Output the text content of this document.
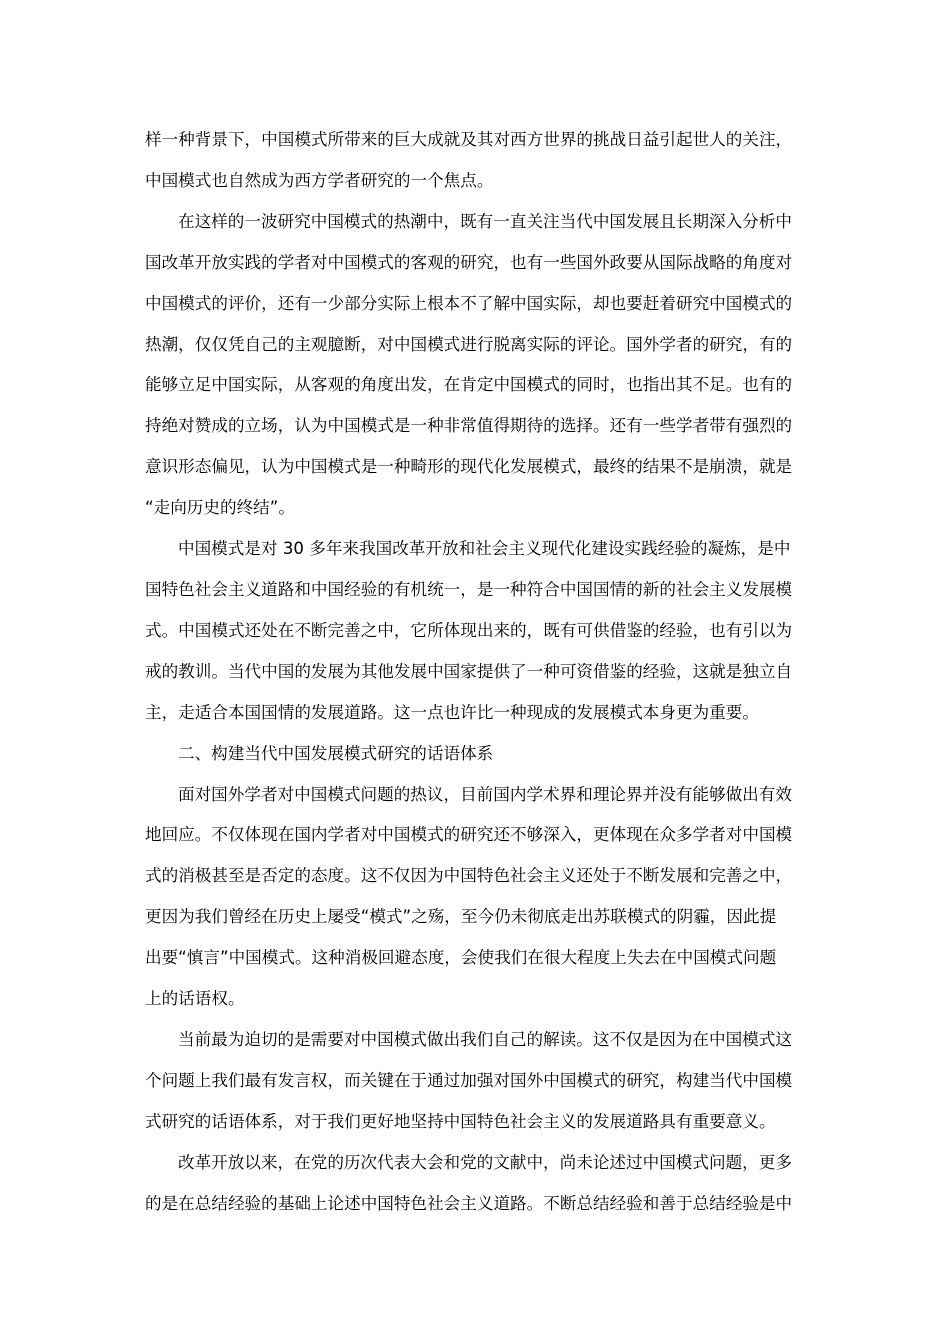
样一种背景下，中国模式所带来的巨大成就及其对西方世界的挑战日益引起世人的关注，
中国模式也自然成为西方学者研究的一个焦点。

在这样的一波研究中国模式的热潮中，既有一直关注当代中国发展且长期深入分析中
国改革开放实践的学者对中国模式的客观的研究，也有一些国外政要从国际战略的角度对
中国模式的评价，还有一少部分实际上根本不了解中国实际，却也要赶着研究中国模式的
热潮，仅仅凭自己的主观臆断，对中国模式进行脱离实际的评论。国外学者的研究，有的
能够立足中国实际，从客观的角度出发，在肯定中国模式的同时，也指出其不足。也有的
持绝对赞成的立场，认为中国模式是一种非常值得期待的选择。还有一些学者带有强烈的
意识形态偏见，认为中国模式是一种畸形的现代化发展模式，最终的结果不是崩溃，就是
“走向历史的终结”。

中国模式是对 30 多年来我国改革开放和社会主义现代化建设实践经验的凝炼，是中
国特色社会主义道路和中国经验的有机统一，是一种符合中国国情的新的社会主义发展模
式。中国模式还处在不断完善之中，它所体现出来的，既有可供借鉴的经验，也有引以为
戒的教训。当代中国的发展为其他发展中国家提供了一种可资借鉴的经验，这就是独立自
主，走适合本国国情的发展道路。这一点也许比一种现成的发展模式本身更为重要。

二、构建当代中国发展模式研究的话语体系

面对国外学者对中国模式问题的热议，目前国内学术界和理论界并没有能够做出有效
地回应。不仅体现在国内学者对中国模式的研究还不够深入，更体现在众多学者对中国模
式的消极甚至是否定的态度。这不仅因为中国特色社会主义还处于不断发展和完善之中，
更因为我们曾经在历史上屡受“模式”之殇，至今仍未彻底走出苏联模式的阴霾，因此提
出要“慎言”中国模式。这种消极回避态度，会使我们在很大程度上失去在中国模式问题
上的话语权。

当前最为迫切的是需要对中国模式做出我们自己的解读。这不仅是因为在中国模式这
个问题上我们最有发言权，而关键在于通过加强对国外中国模式的研究，构建当代中国模
式研究的话语体系，对于我们更好地坚持中国特色社会主义的发展道路具有重要意义。

改革开放以来，在党的历次代表大会和党的文献中，尚未论述过中国模式问题，更多
的是在总结经验的基础上论述中国特色社会主义道路。不断总结经验和善于总结经验是中
